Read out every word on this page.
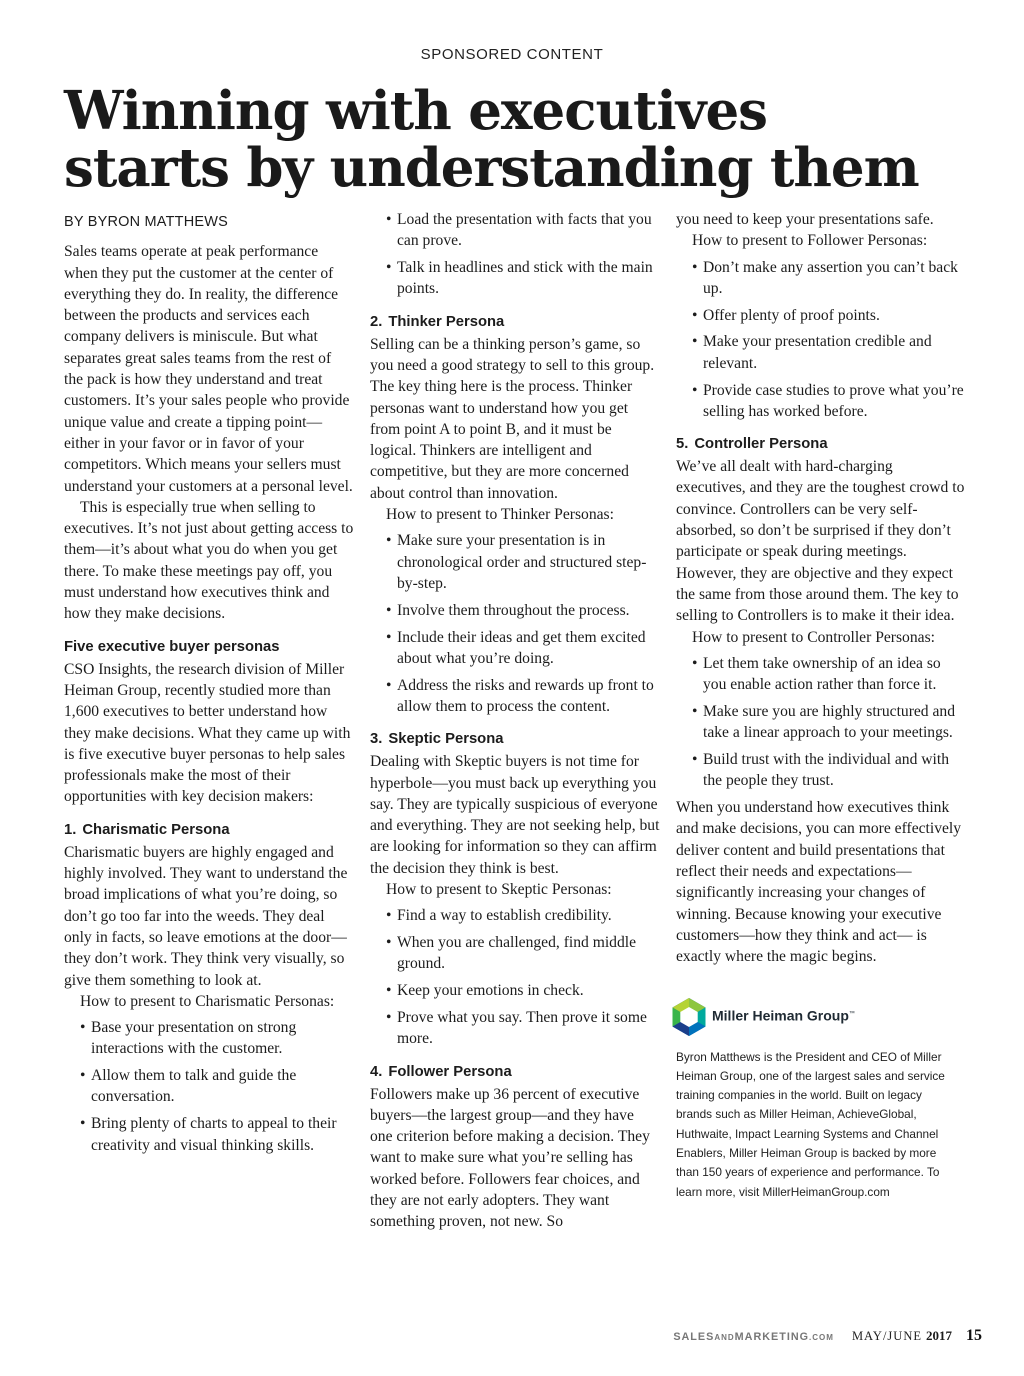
SPONSORED CONTENT
Winning with executives
starts by understanding them

BY BYRON MATTHEWS

Sales teams operate at peak performance when they put the customer at the center of everything they do. In reality, the difference between the products and services each company delivers is miniscule. But what separates great sales teams from the rest of the pack is how they understand and treat customers. It’s your sales people who provide unique value and create a tipping point—either in your favor or in favor of your competitors. Which means your sellers must understand your customers at a personal level.

This is especially true when selling to executives. It’s not just about getting access to them—it’s about what you do when you get there. To make these meetings pay off, you must understand how executives think and how they make decisions.

Five executive buyer personas

CSO Insights, the research division of Miller Heiman Group, recently studied more than 1,600 executives to better understand how they make decisions. What they came up with is five executive buyer personas to help sales professionals make the most of their opportunities with key decision makers:

1. Charismatic Persona

Charismatic buyers are highly engaged and highly involved. They want to understand the broad implications of what you’re doing, so don’t go too far into the weeds. They deal only in facts, so leave emotions at the door—they don’t work. They think very visually, so give them something to look at.

How to present to Charismatic Personas:

• Base your presentation on strong interactions with the customer.
• Allow them to talk and guide the conversation.
• Bring plenty of charts to appeal to their creativity and visual thinking skills.
• Load the presentation with facts that you can prove.
• Talk in headlines and stick with the main points.
2. Thinker Persona

Selling can be a thinking person’s game, so you need a good strategy to sell to this group. The key thing here is the process. Thinker personas want to understand how you get from point A to point B, and it must be logical. Thinkers are intelligent and competitive, but they are more concerned about control than innovation.

How to present to Thinker Personas:

• Make sure your presentation is in chronological order and structured step-by-step.
• Involve them throughout the process.
• Include their ideas and get them excited about what you’re doing.
• Address the risks and rewards up front to allow them to process the content.
3. Skeptic Persona

Dealing with Skeptic buyers is not time for hyperbole—you must back up everything you say. They are typically suspicious of everyone and everything. They are not seeking help, but are looking for information so they can affirm the decision they think is best.

How to present to Skeptic Personas:

• Find a way to establish credibility.
• When you are challenged, find middle ground.
• Keep your emotions in check.
• Prove what you say. Then prove it some more.
4. Follower Persona

Followers make up 36 percent of executive buyers—the largest group—and they have one criterion before making a decision. They want to make sure what you’re selling has worked before. Followers fear choices, and they are not early adopters. They want something proven, not new. So

you need to keep your presentations safe.

How to present to Follower Personas:

• Don’t make any assertion you can’t back up.
• Offer plenty of proof points.
• Make your presentation credible and relevant.
• Provide case studies to prove what you’re selling has worked before.
5. Controller Persona

We’ve all dealt with hard-charging executives, and they are the toughest crowd to convince. Controllers can be very self-absorbed, so don’t be surprised if they don’t participate or speak during meetings. However, they are objective and they expect the same from those around them. The key to selling to Controllers is to make it their idea.

How to present to Controller Personas:

• Let them take ownership of an idea so you enable action rather than force it.
• Make sure you are highly structured and take a linear approach to your meetings.
• Build trust with the individual and with the people they trust.

When you understand how executives think and make decisions, you can more effectively deliver content and build presentations that reflect their needs and expectations— significantly increasing your changes of winning. Because knowing your executive customers—how they think and act— is exactly where the magic begins.

Miller Heiman Group™

Byron Matthews is the President and CEO of Miller Heiman Group, one of the largest sales and service training companies in the world. Built on legacy brands such as Miller Heiman, AchieveGlobal, Huthwaite, Impact Learning Systems and Channel Enablers, Miller Heiman Group is backed by more than 150 years of experience and performance. To learn more, visit MillerHeimanGroup.com

SALESANDMARKETING.COM MAY/JUNE 2017 15
